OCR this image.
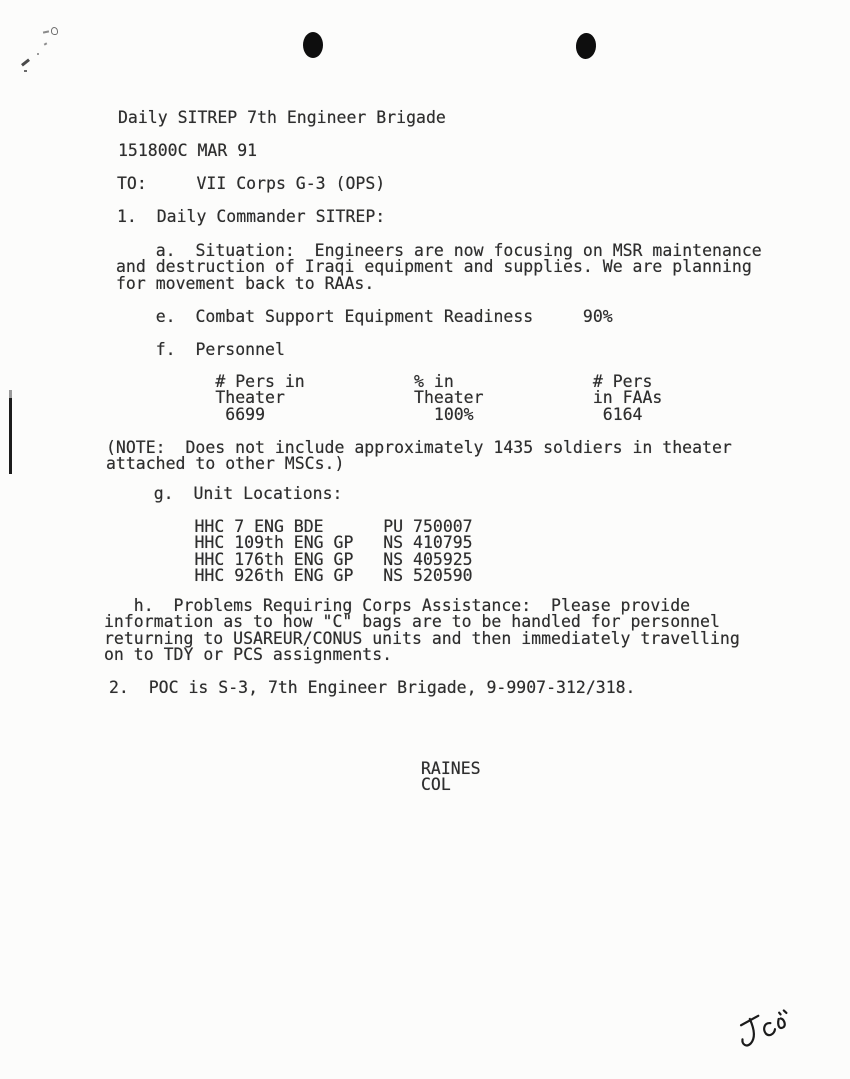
Daily SITREP 7th Engineer Brigade
151800C MAR 91
TO:     VII Corps G-3 (OPS)
1.  Daily Commander SITREP:
a.  Situation:  Engineers are now focusing on MSR maintenance
and destruction of Iraqi equipment and supplies. We are planning
for movement back to RAAs.
e.  Combat Support Equipment Readiness     90%
f.  Personnel
# Pers in           % in              # Pers
Theater             Theater           in FAAs
6699                 100%             6164
(NOTE:  Does not include approximately 1435 soldiers in theater
attached to other MSCs.)
g.  Unit Locations:
HHC 7 ENG BDE      PU 750007
HHC 109th ENG GP   NS 410795
HHC 176th ENG GP   NS 405925
HHC 926th ENG GP   NS 520590
h.  Problems Requiring Corps Assistance:  Please provide
information as to how "C" bags are to be handled for personnel
returning to USAREUR/CONUS units and then immediately travelling
on to TDY or PCS assignments.
2.  POC is S-3, 7th Engineer Brigade, 9-9907-312/318.
RAINES
COL
